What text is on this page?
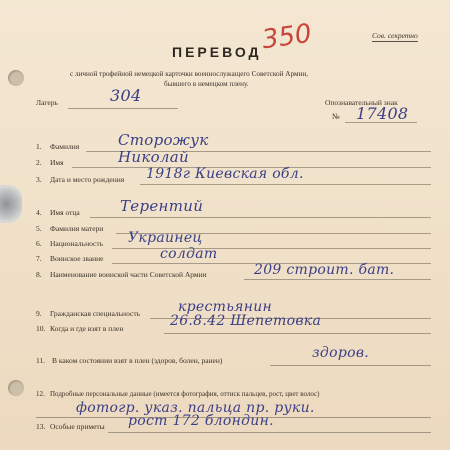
Сов. секретно
ПЕРЕВОД
350
с личной трофейной немецкой карточки военнослужащего Советской Армии,
бывшего в немецком плену.
Лагерь	304	Опознавательный знак
№ 17408
1. Фамилия	Сторожук
2. Имя	Николай
3. Дата и место рождения 1918г Киевская обл.
4. Имя отца	Терентий
5. Фамилия матери
6. Национальность Украинец
7. Воинское звание	солдат
8. Наименование воинской части Советской Армии	209 строит. бат.
9. Гражданская специальность	крестьянин
10. Когда и где взят в плен	26.8.42 Шепетовка
11. В каком состоянии взят в плен (здоров, болен, ранен)	здоров.
12. Подробные персональные данные (имеется фотография, оттиск пальцев, рост, цвет волос)
фотогр. указ. пальца пр. руки.
13. Особые приметы рост 172 блондин.
